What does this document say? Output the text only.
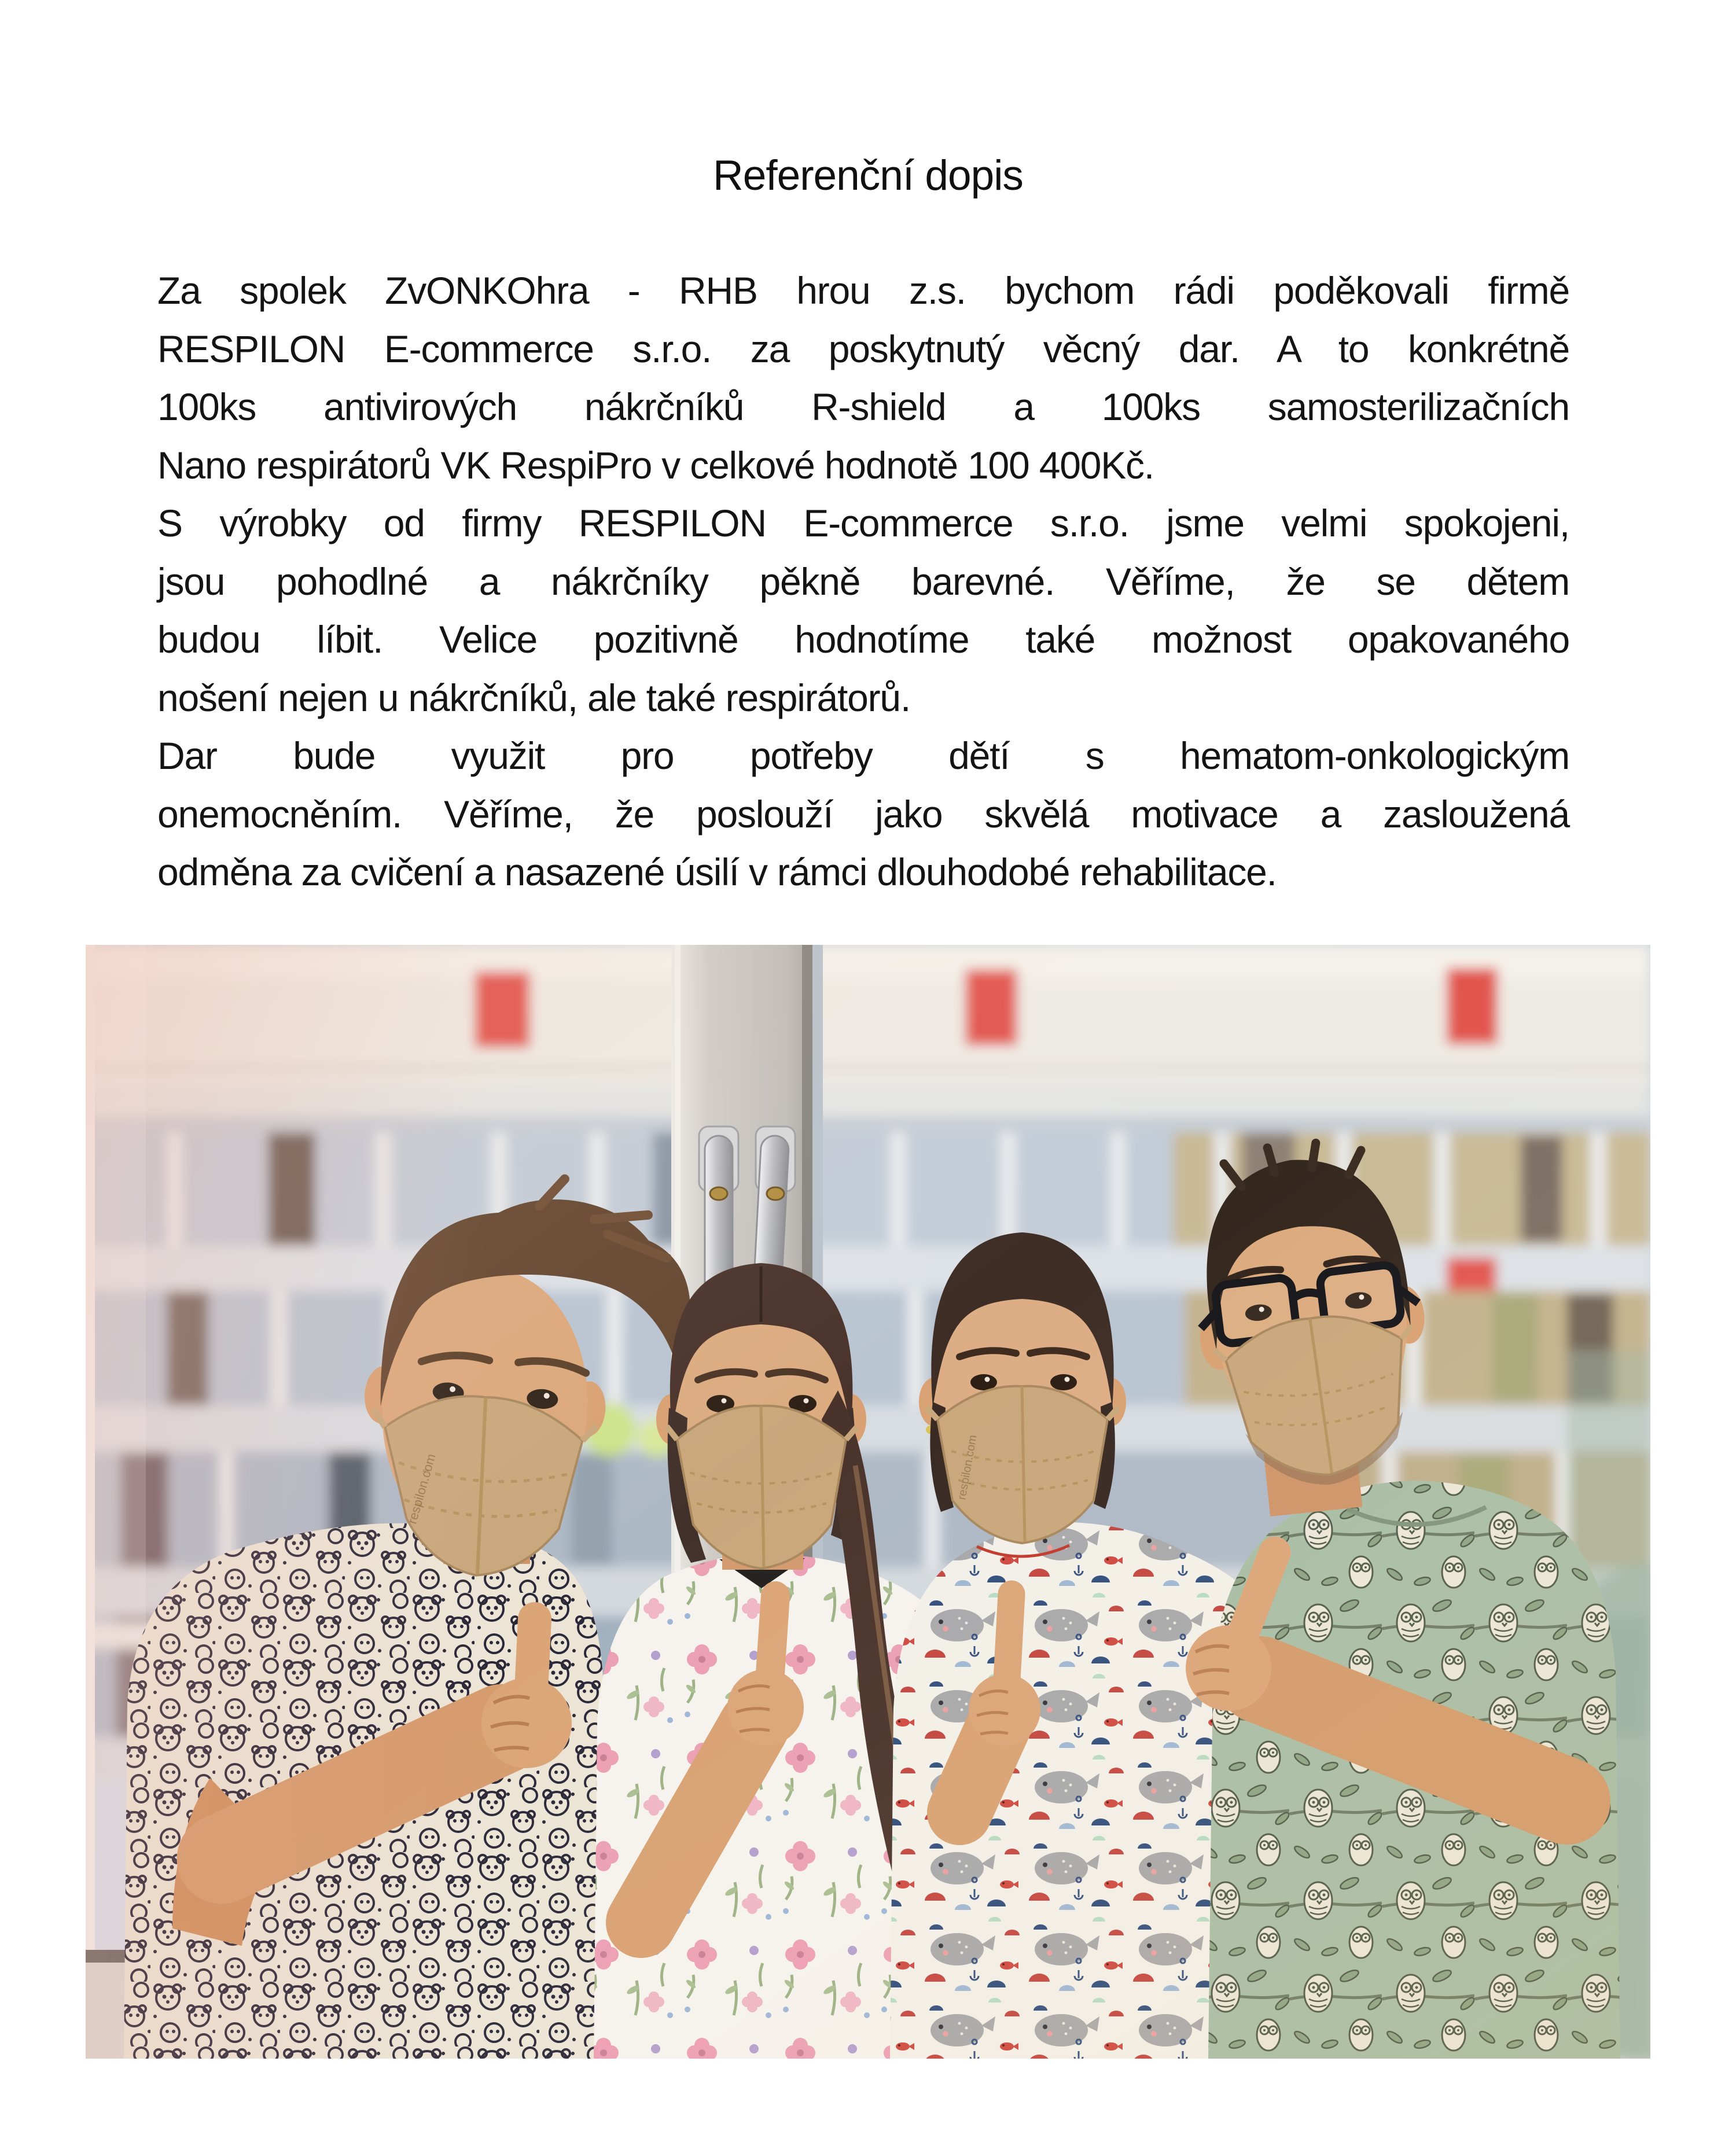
Referenční dopis
Za spolek ZvONKOhra - RHB hrou z.s. bychom rádi poděkovali firmě
RESPILON E-commerce s.r.o. za poskytnutý věcný dar. A to konkrétně
100ks antivirových nákrčníků R-shield a 100ks samosterilizačních
Nano respirátorů VK RespiPro v celkové hodnotě 100 400Kč.
S výrobky od firmy RESPILON E-commerce s.r.o. jsme velmi spokojeni,
jsou pohodlné a nákrčníky pěkně barevné. Věříme, že se dětem
budou líbit. Velice pozitivně hodnotíme také možnost opakovaného
nošení nejen u nákrčníků, ale také respirátorů.
Dar bude využit pro potřeby dětí s hematom-onkologickým
onemocněním. Věříme, že poslouží jako skvělá motivace a zasloužená
odměna za cvičení a nasazené úsilí v rámci dlouhodobé rehabilitace.
